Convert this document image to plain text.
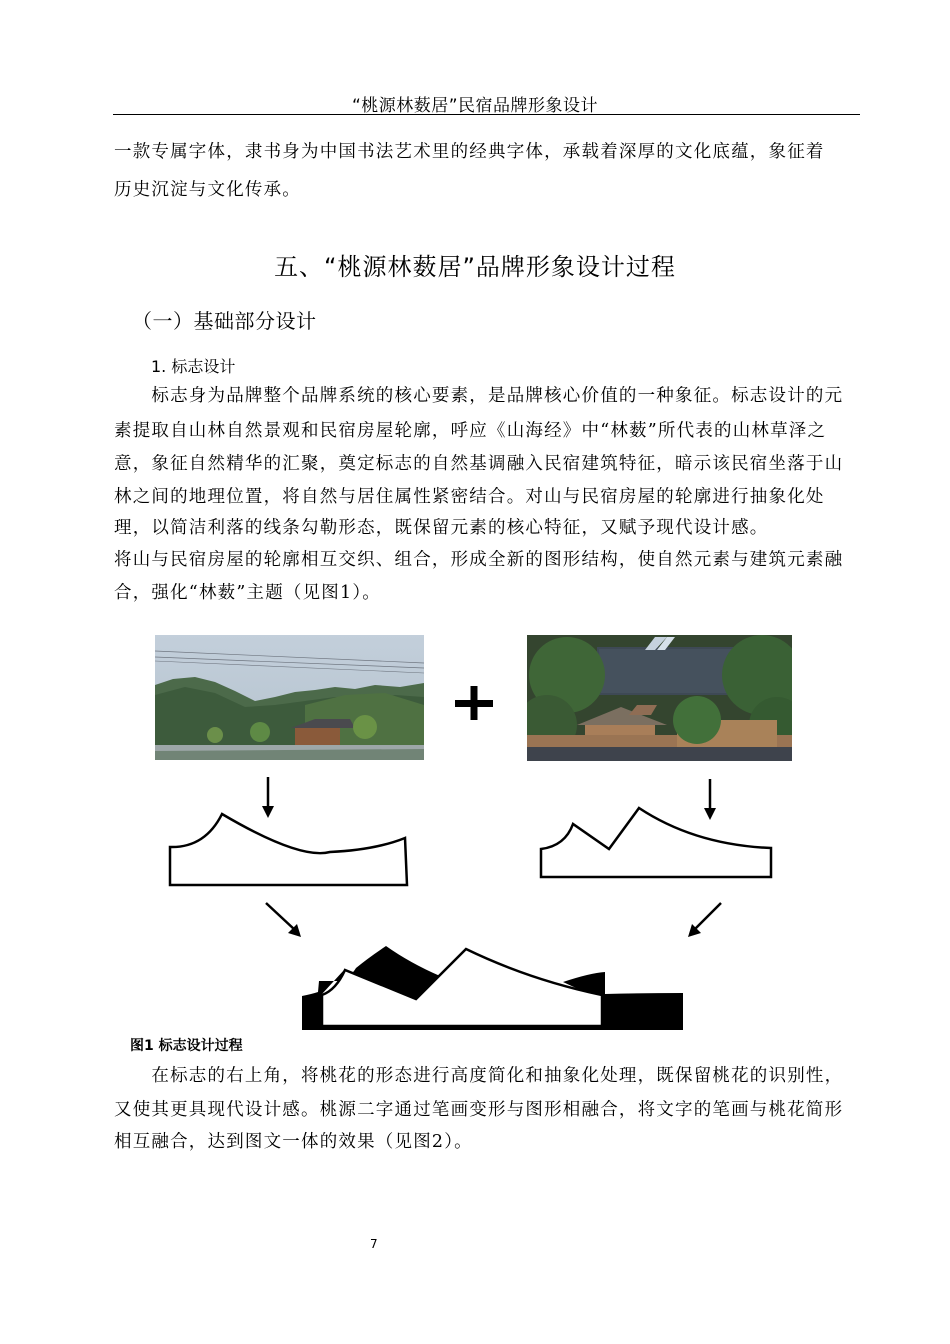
“桃源林薮居”民宿品牌形象设计
一款专属字体，隶书身为中国书法艺术里的经典字体，承载着深厚的文化底蕴，象征着
历史沉淀与文化传承。
五、“桃源林薮居”品牌形象设计过程
（一）基础部分设计
1. 标志设计
　　标志身为品牌整个品牌系统的核心要素，是品牌核心价值的一种象征。标志设计的元
素提取自山林自然景观和民宿房屋轮廓，呼应《山海经》中“林薮”所代表的山林草泽之
意，象征自然精华的汇聚，奠定标志的自然基调融入民宿建筑特征，暗示该民宿坐落于山
林之间的地理位置，将自然与居住属性紧密结合。对山与民宿房屋的轮廓进行抽象化处
理，以简洁利落的线条勾勒形态，既保留元素的核心特征，又赋予现代设计感。
将山与民宿房屋的轮廓相互交织、组合，形成全新的图形结构，使自然元素与建筑元素融
合，强化“林薮”主题（见图1）。
图1 标志设计过程
　　在标志的右上角，将桃花的形态进行高度简化和抽象化处理，既保留桃花的识别性，
又使其更具现代设计感。桃源二字通过笔画变形与图形相融合，将文字的笔画与桃花简形
相互融合，达到图文一体的效果（见图2）。
7
